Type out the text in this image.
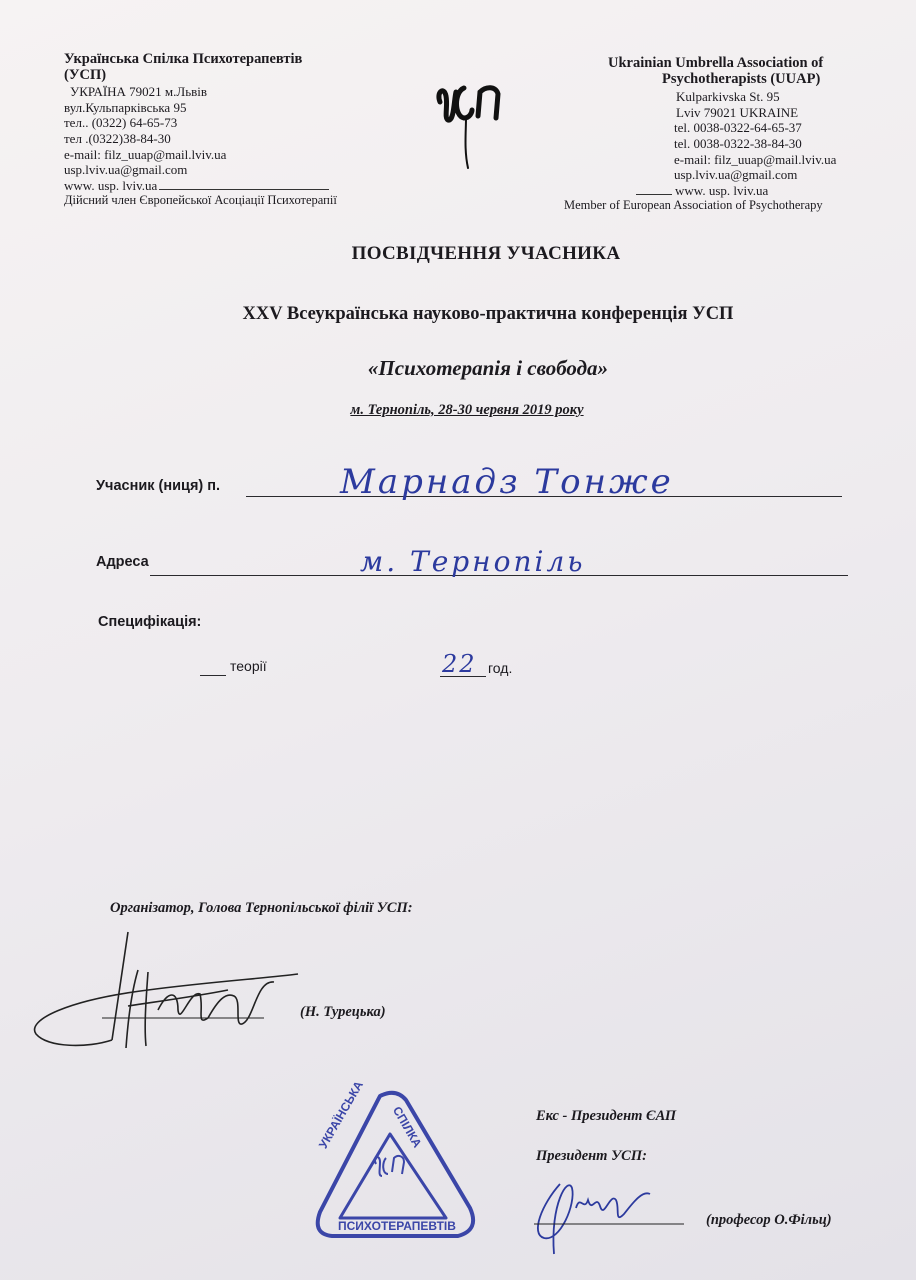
Українська Спілка Психотерапевтів
(УСП)
УКРАЇНА 79021 м.Львів
вул.Кульпарківська 95
тел.. (0322) 64-65-73
тел .(0322)38-84-30
e-mail: filz_uuap@mail.lviv.ua
usp.lviv.ua@gmail.com
www. usp. lviv.ua
Дійсний член Європейської Асоціації Психотерапії
Ukrainian Umbrella Association of
Psychotherapists (UUAP)
Kulparkivska St. 95
Lviv 79021 UKRAINE
tel. 0038-0322-64-65-37
tel. 0038-0322-38-84-30
e-mail: filz_uuap@mail.lviv.ua
usp.lviv.ua@gmail.com
www. usp. lviv.ua
Member of European Association of Psychotherapy
ПОСВІДЧЕННЯ УЧАСНИКА
XXV Всеукраїнська науково-практична конференція УСП
«Психотерапія і свобода»
м. Тернопіль, 28-30 червня 2019 року
Учасник (ниця) п.	Марнадз Тонже
Адреса	м. Тернопіль
Специфікація:
теорії	22 год.
Організатор, Голова Тернопільської філії УСП:
(Н. Турецька)
УКРАЇНСЬКА СПІЛКА
ПСИХОТЕРАПЕВТІВ
Екс - Президент ЄАП
Президент УСП:
(професор О.Фільц)
